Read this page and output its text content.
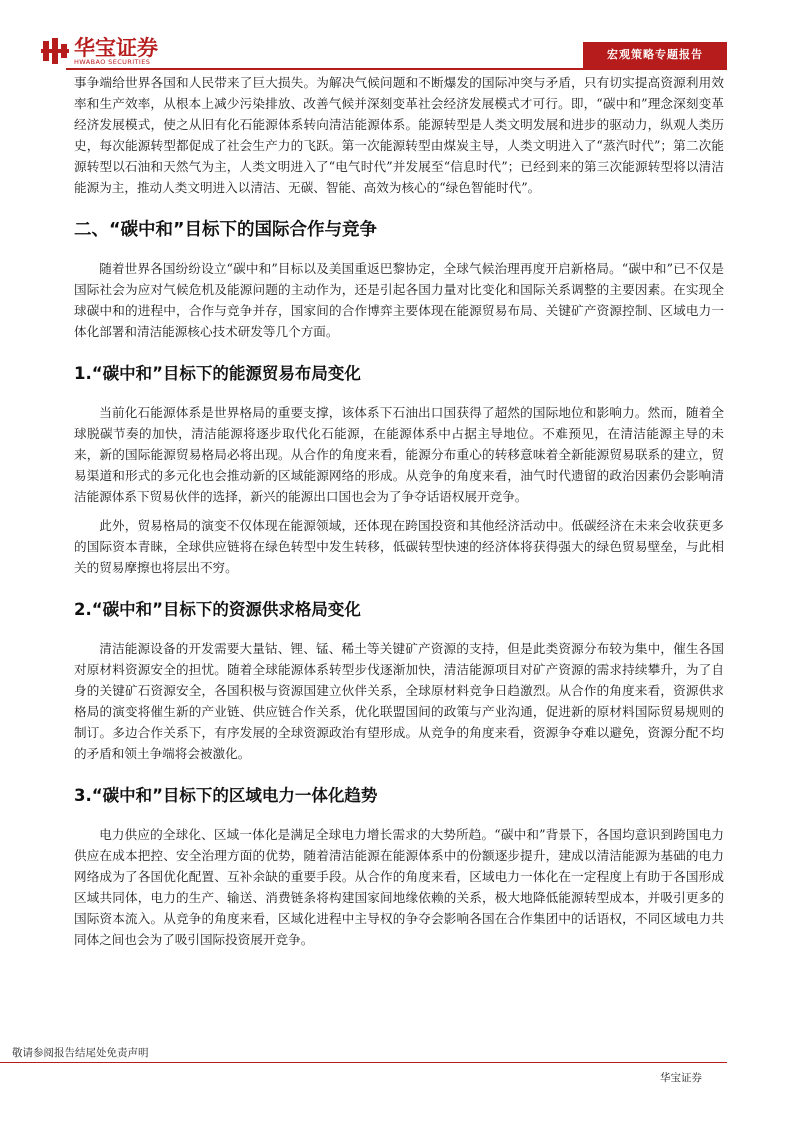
华宝证券
HWABAO SECURITIES
宏观策略专题报告

事争端给世界各国和人民带来了巨大损失。为解决气候问题和不断爆发的国际冲突与矛盾，只有切实提高资源利用效率和生产效率，从根本上减少污染排放、改善气候并深刻变革社会经济发展模式才可行。即，“碳中和”理念深刻变革经济发展模式，使之从旧有化石能源体系转向清洁能源体系。能源转型是人类文明发展和进步的驱动力，纵观人类历史，每次能源转型都促成了社会生产力的飞跃。第一次能源转型由煤炭主导，人类文明进入了“蒸汽时代”；第二次能源转型以石油和天然气为主，人类文明进入了“电气时代”并发展至“信息时代”；已经到来的第三次能源转型将以清洁能源为主，推动人类文明进入以清洁、无碳、智能、高效为核心的“绿色智能时代”。

二、“碳中和”目标下的国际合作与竞争

随着世界各国纷纷设立“碳中和”目标以及美国重返巴黎协定，全球气候治理再度开启新格局。“碳中和”已不仅是国际社会为应对气候危机及能源问题的主动作为，还是引起各国力量对比变化和国际关系调整的主要因素。在实现全球碳中和的进程中，合作与竞争并存，国家间的合作博弈主要体现在能源贸易布局、关键矿产资源控制、区域电力一体化部署和清洁能源核心技术研发等几个方面。

1.“碳中和”目标下的能源贸易布局变化

当前化石能源体系是世界格局的重要支撑，该体系下石油出口国获得了超然的国际地位和影响力。然而，随着全球脱碳节奏的加快，清洁能源将逐步取代化石能源，在能源体系中占据主导地位。不难预见，在清洁能源主导的未来，新的国际能源贸易格局必将出现。从合作的角度来看，能源分布重心的转移意味着全新能源贸易联系的建立，贸易渠道和形式的多元化也会推动新的区域能源网络的形成。从竞争的角度来看，油气时代遗留的政治因素仍会影响清洁能源体系下贸易伙伴的选择，新兴的能源出口国也会为了争夺话语权展开竞争。

此外，贸易格局的演变不仅体现在能源领域，还体现在跨国投资和其他经济活动中。低碳经济在未来会收获更多的国际资本青睐，全球供应链将在绿色转型中发生转移，低碳转型快速的经济体将获得强大的绿色贸易壁垒，与此相关的贸易摩擦也将层出不穷。

2.“碳中和”目标下的资源供求格局变化

清洁能源设备的开发需要大量钴、锂、锰、稀土等关键矿产资源的支持，但是此类资源分布较为集中，催生各国对原材料资源安全的担忧。随着全球能源体系转型步伐逐渐加快，清洁能源项目对矿产资源的需求持续攀升，为了自身的关键矿石资源安全，各国积极与资源国建立伙伴关系，全球原材料竞争日趋激烈。从合作的角度来看，资源供求格局的演变将催生新的产业链、供应链合作关系，优化联盟国间的政策与产业沟通，促进新的原材料国际贸易规则的制订。多边合作关系下，有序发展的全球资源政治有望形成。从竞争的角度来看，资源争夺难以避免，资源分配不均的矛盾和领土争端将会被激化。

3.“碳中和”目标下的区域电力一体化趋势

电力供应的全球化、区域一体化是满足全球电力增长需求的大势所趋。“碳中和”背景下，各国均意识到跨国电力供应在成本把控、安全治理方面的优势，随着清洁能源在能源体系中的份额逐步提升，建成以清洁能源为基础的电力网络成为了各国优化配置、互补余缺的重要手段。从合作的角度来看，区域电力一体化在一定程度上有助于各国形成区域共同体，电力的生产、输送、消费链条将构建国家间地缘依赖的关系，极大地降低能源转型成本，并吸引更多的国际资本流入。从竞争的角度来看，区域化进程中主导权的争夺会影响各国在合作集团中的话语权，不同区域电力共同体之间也会为了吸引国际投资展开竞争。

敬请参阅报告结尾处免责声明
华宝证券
